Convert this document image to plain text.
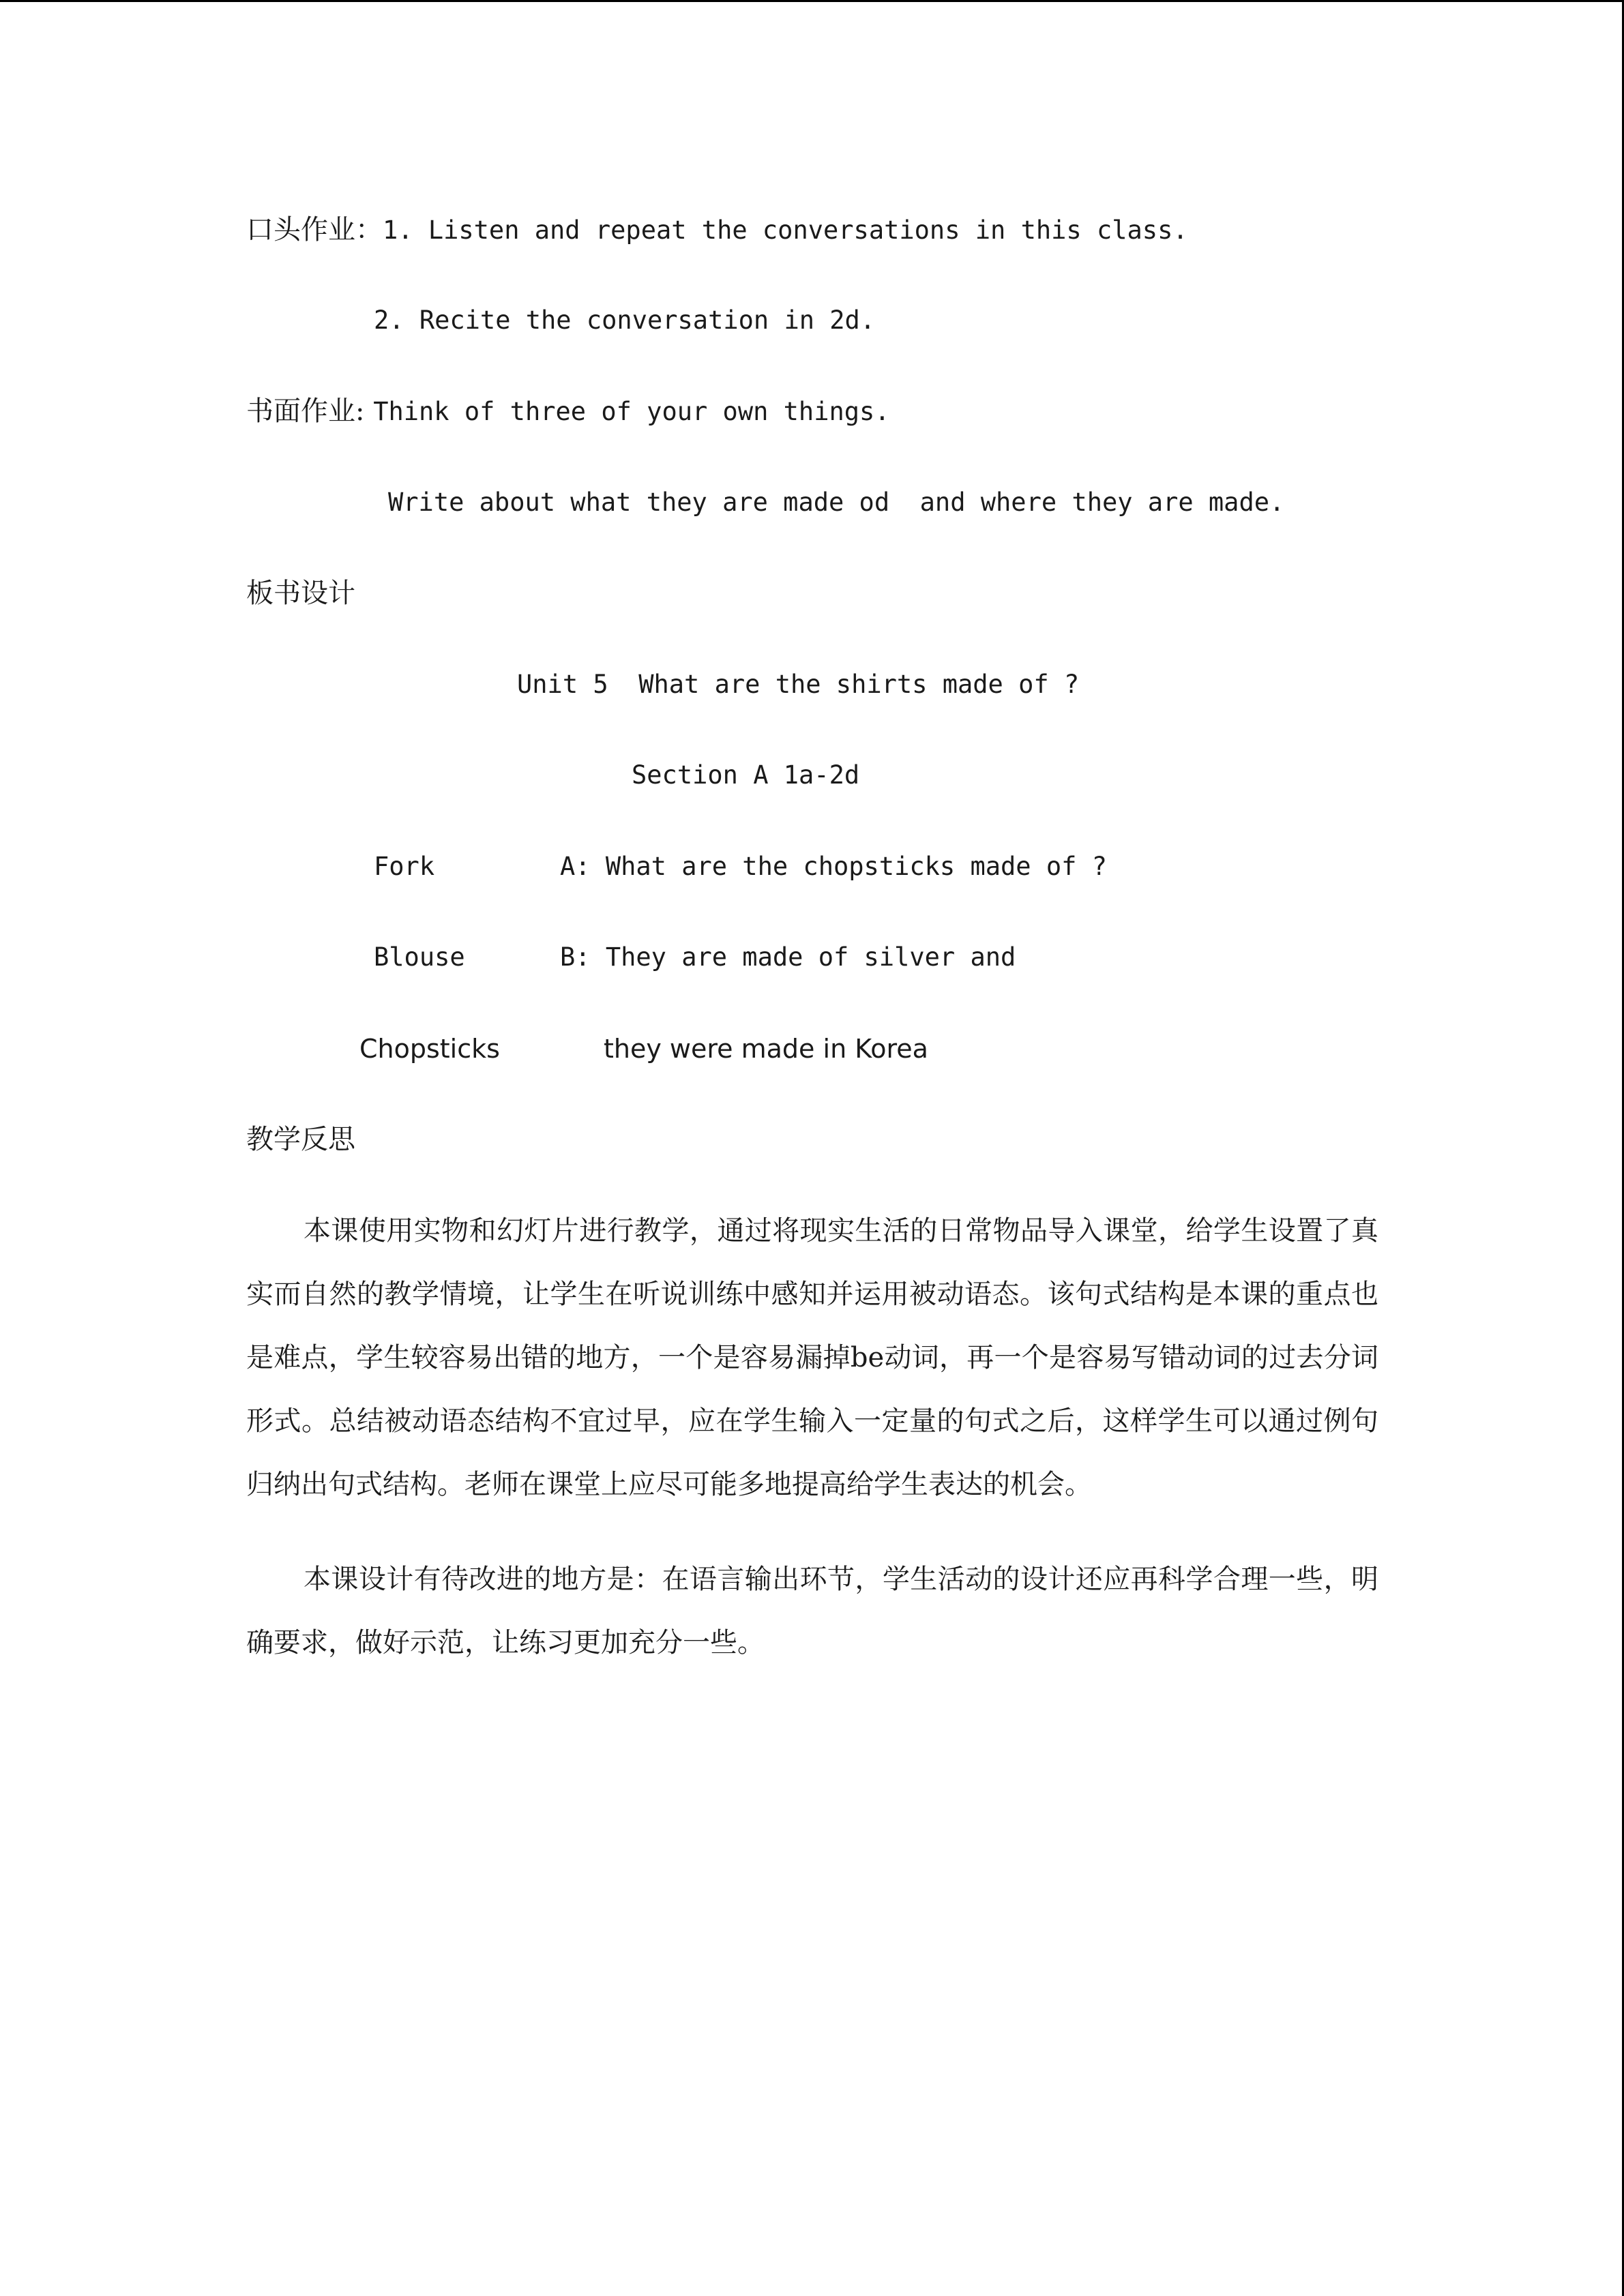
口头作业：1. Listen and repeat the conversations in this class.
2. Recite the conversation in 2d.
书面作业: Think of three of your own things.
Write about what they are made od  and where they are made.
板书设计
Unit 5  What are the shirts made of ?
Section A 1a-2d
Fork	A: What are the chopsticks made of ?
Blouse	B: They are made of silver and
Chopsticks	they were made in Korea
教学反思
本课使用实物和幻灯片进行教学，通过将现实生活的日常物品导入课堂，给学生设置了真实而自然的教学情境，让学生在听说训练中感知并运用被动语态。该句式结构是本课的重点也是难点，学生较容易出错的地方，一个是容易漏掉be动词，再一个是容易写错动词的过去分词形式。总结被动语态结构不宜过早，应在学生输入一定量的句式之后，这样学生可以通过例句归纳出句式结构。老师在课堂上应尽可能多地提高给学生表达的机会。
本课设计有待改进的地方是：在语言输出环节，学生活动的设计还应再科学合理一些，明确要求，做好示范，让练习更加充分一些。
